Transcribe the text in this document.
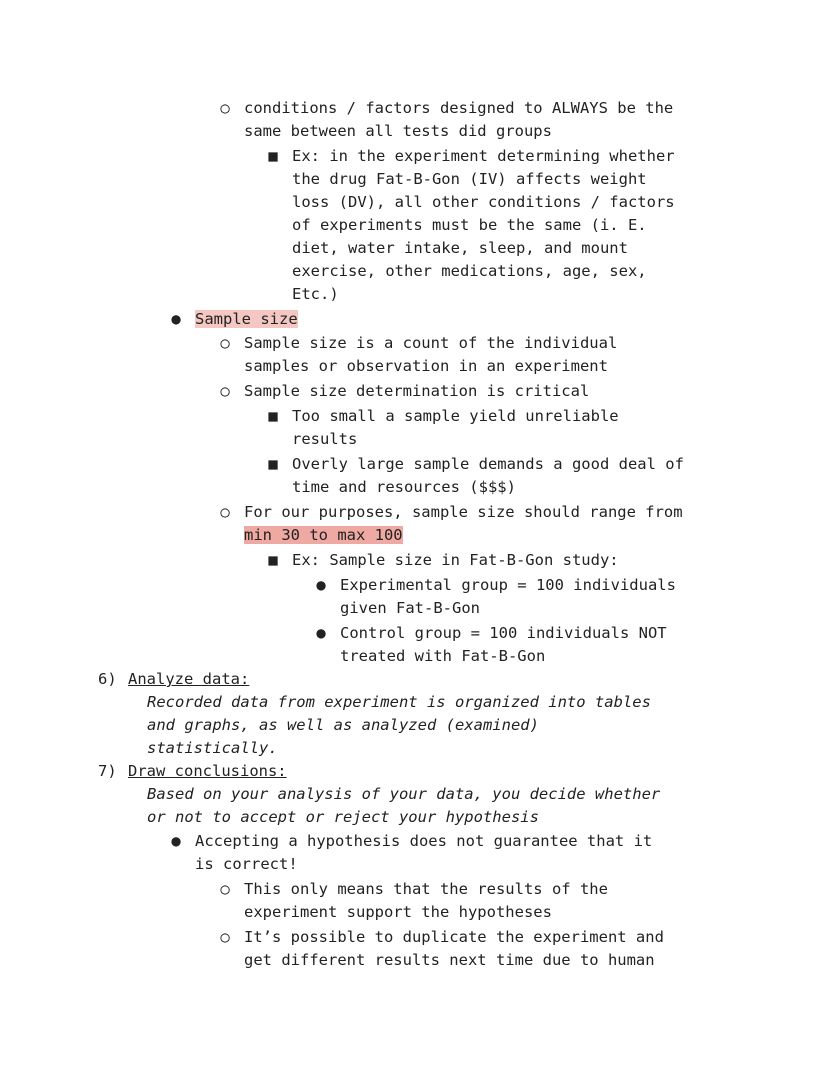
○ conditions / factors designed to ALWAYS be the
same between all tests did groups
■ Ex: in the experiment determining whether
the drug Fat-B-Gon (IV) affects weight
loss (DV), all other conditions / factors
of experiments must be the same (i. E.
diet, water intake, sleep, and mount
exercise, other medications, age, sex,
Etc.)
● Sample size
○ Sample size is a count of the individual
samples or observation in an experiment
○ Sample size determination is critical
■ Too small a sample yield unreliable
results
■ Overly large sample demands a good deal of
time and resources ($$$)
○ For our purposes, sample size should range from
min 30 to max 100
■ Ex: Sample size in Fat-B-Gon study:
● Experimental group = 100 individuals
given Fat-B-Gon
● Control group = 100 individuals NOT
treated with Fat-B-Gon
6) Analyze data:
Recorded data from experiment is organized into tables
and graphs, as well as analyzed (examined)
statistically.
7) Draw conclusions:
Based on your analysis of your data, you decide whether
or not to accept or reject your hypothesis
● Accepting a hypothesis does not guarantee that it
is correct!
○ This only means that the results of the
experiment support the hypotheses
○ It’s possible to duplicate the experiment and
get different results next time due to human
